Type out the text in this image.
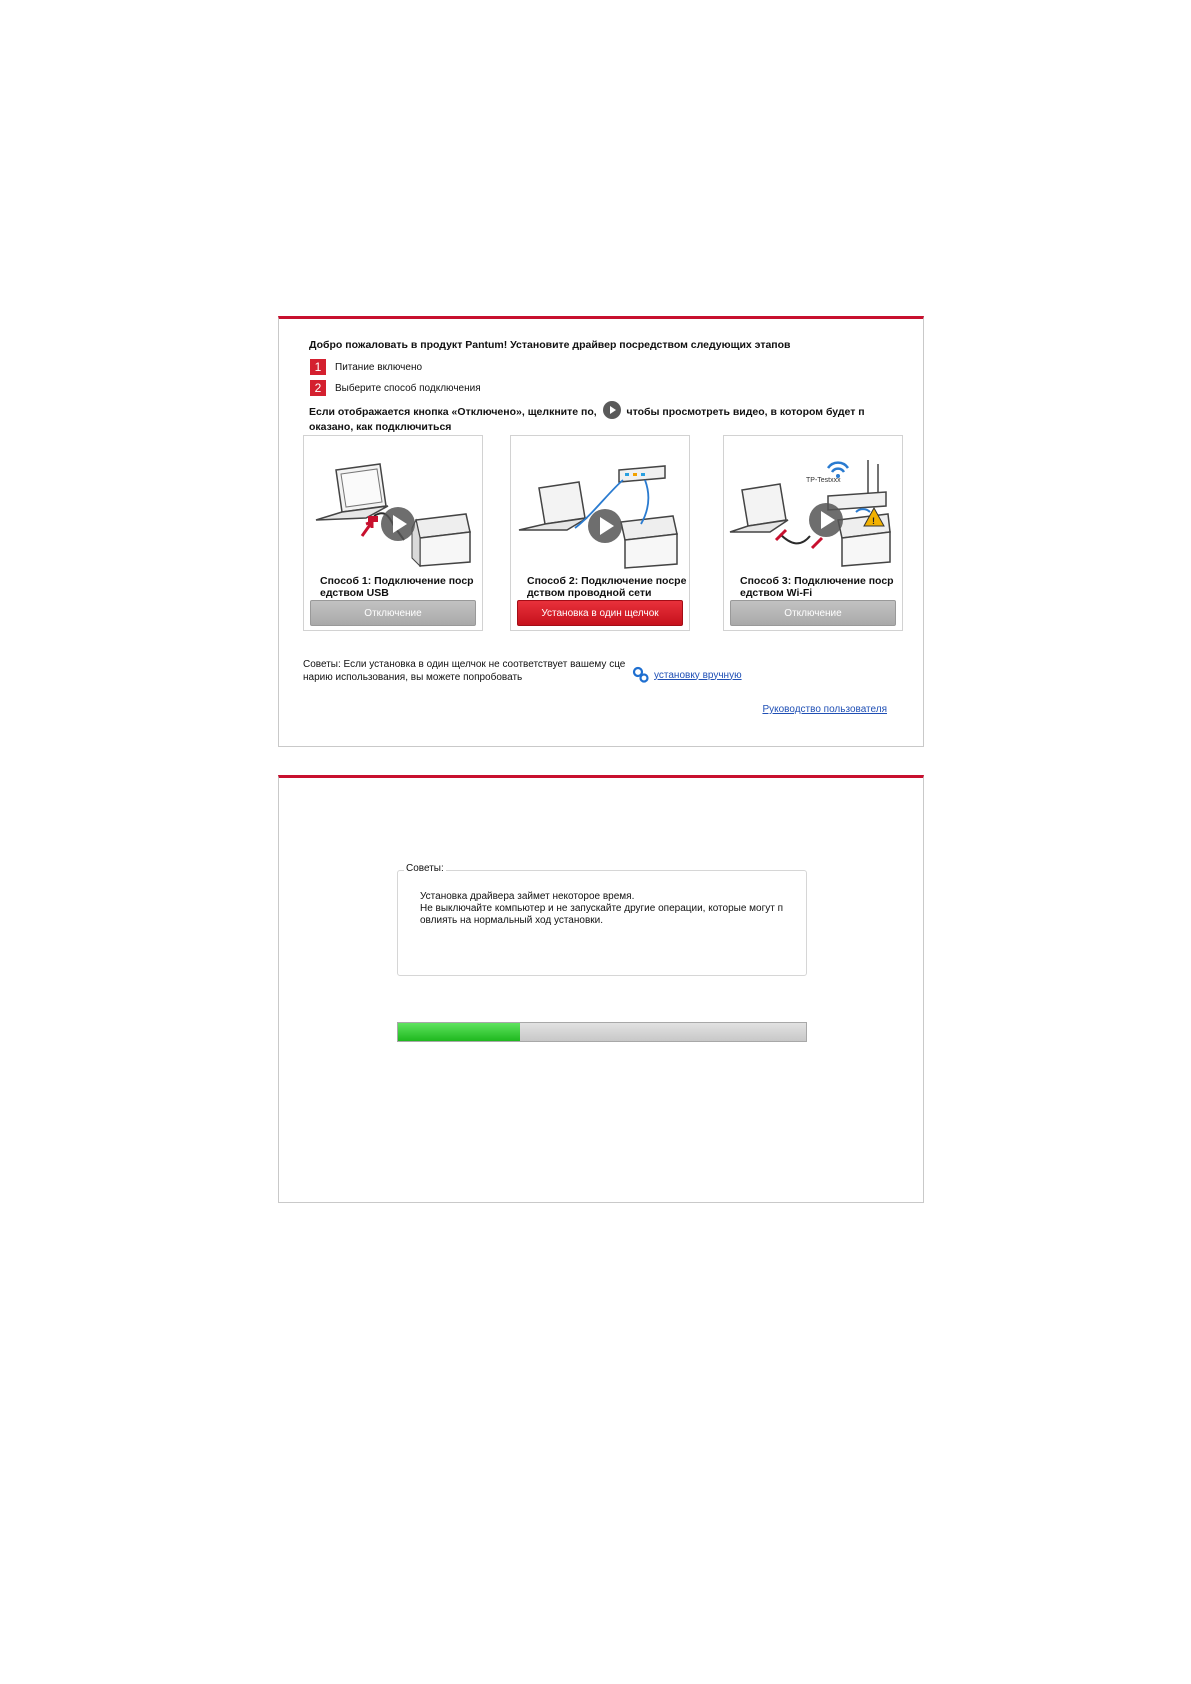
Добро пожаловать в продукт Pantum! Установите драйвер посредством следующих этапов
1	Питание включено
2	Выберите способ подключения
Если отображается кнопка «Отключено», щелкните по,	чтобы просмотреть видео, в котором будет п оказано, как подключиться
Способ 1: Подключение поср едством USB
Отключение
Способ 2: Подключение посре дством проводной сети
Установка в один щелчок
TP-Testxxx
!
Способ 3: Подключение поср едством Wi-Fi
Отключение
Советы: Если установка в один щелчок не соответствует вашему сце нарию использования, вы можете попробовать	установку вручную
Руководство пользователя
Советы:
Установка драйвера займет некоторое время.
Не выключайте компьютер и не запускайте другие операции, которые могут п овлиять на нормальный ход установки.
